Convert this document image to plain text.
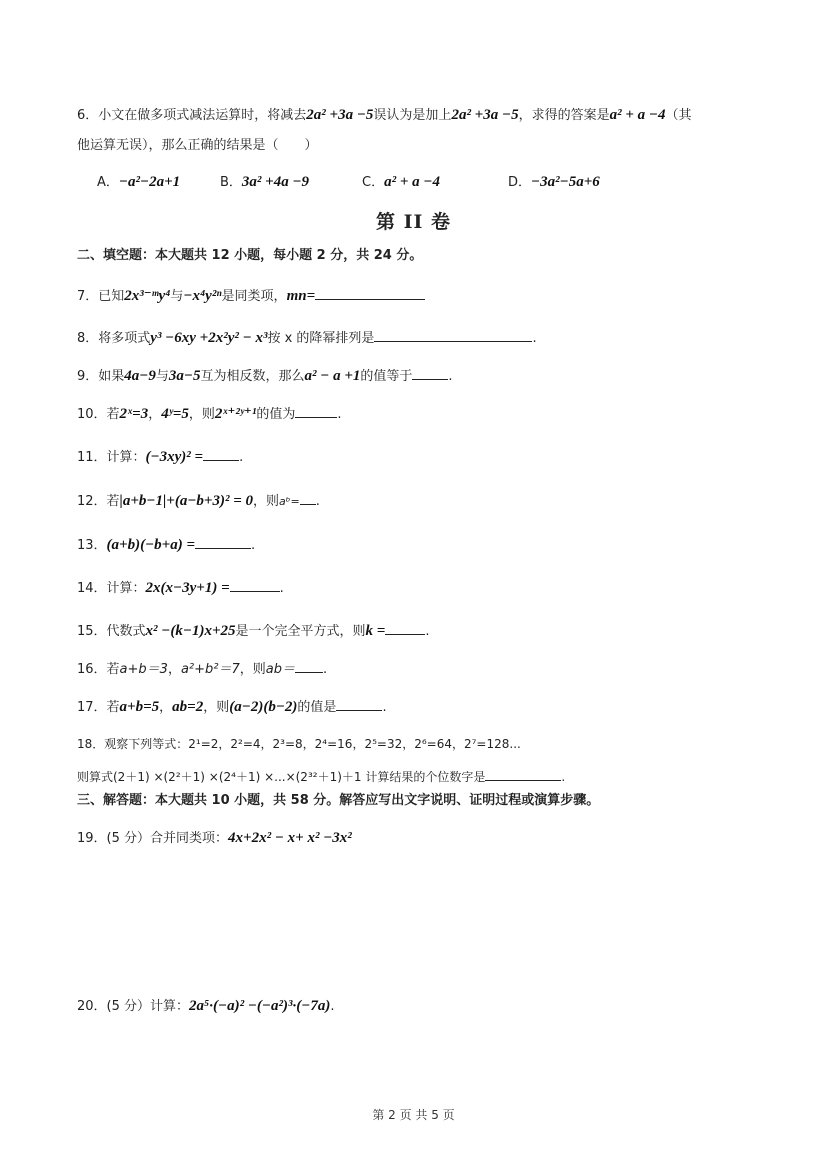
6．小文在做多项式减法运算时，将减去2a² +3a −5误认为是加上2a² +3a −5，求得的答案是a² + a −4（其
他运算无误），那么正确的结果是（　　）
A．−a²−2a+1	B．3a² +4a −9	C．a² + a −4	D．−3a²−5a+6
第 II 卷
二、填空题：本大题共 12 小题，每小题 2 分，共 24 分。
7．已知2x³⁻ᵐy⁴与−x⁴y²ⁿ是同类项，mn=
8．将多项式y³ −6xy +2x²y² − x³按 x 的降幂排列是	.
9．如果4a−9与3a−5互为相反数，那么a² − a +1的值等于	.
10．若2ˣ=3，4ʸ=5，则2ˣ⁺²ʸ⁺¹的值为	.
11．计算：(−3xy)² =	.
12．若|a+b−1|+(a−b+3)² = 0，则aᵇ= .
13．(a+b)(−b+a) =	.
14．计算：2x(x−3y+1) =	.
15．代数式x² −(k−1)x+25是一个完全平方式，则k =	.
16．若a+b＝3，a²+b²＝7，则ab＝ .
17．若a+b=5，ab=2，则(a−2)(b−2)的值是	.
18．观察下列等式：2¹=2，2²=4，2³=8，2⁴=16，2⁵=32，2⁶=64，2⁷=128...
则算式(2＋1) ×(2²＋1) ×(2⁴＋1) ×...×(2³²＋1)＋1 计算结果的个位数字是	.
三、解答题：本大题共 10 小题，共 58 分。解答应写出文字说明、证明过程或演算步骤。
19．(5 分）合并同类项：4x+2x² − x+ x² −3x²
20．(5 分）计算：2a⁵·(−a)² −(−a²)³·(−7a).
第 2 页 共 5 页
